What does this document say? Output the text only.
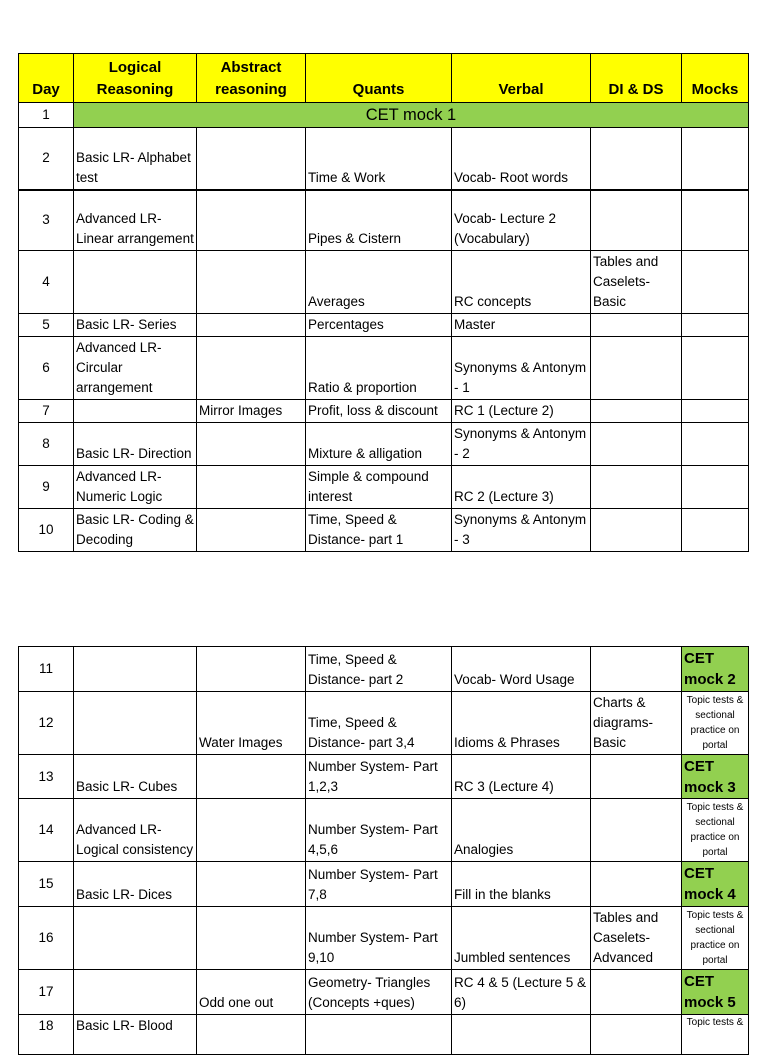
Day	Logical Reasoning	Abstract reasoning	Quants	Verbal	DI & DS	Mocks
1	CET mock 1					
2	Basic LR- Alphabet test		Time & Work	Vocab- Root words		
3	Advanced LR- Linear arrangement		Pipes & Cistern	Vocab- Lecture 2 (Vocabulary)		
4			Averages	RC concepts	Tables and Caselets- Basic	
5	Basic LR- Series		Percentages	Master		
6	Advanced LR- Circular arrangement		Ratio & proportion	Synonyms & Antonym - 1		
7		Mirror Images	Profit, loss & discount	RC 1 (Lecture 2)		
8	Basic LR- Direction		Mixture & alligation	Synonyms & Antonym - 2		
9	Advanced LR- Numeric Logic		Simple & compound interest	RC 2 (Lecture 3)		
10	Basic LR- Coding & Decoding		Time, Speed & Distance- part 1	Synonyms & Antonym - 3		
11			Time, Speed & Distance- part 2	Vocab- Word Usage		CET mock 2
12		Water Images	Time, Speed & Distance- part 3,4	Idioms & Phrases	Charts & diagrams- Basic	Topic tests & sectional practice on portal
13	Basic LR- Cubes		Number System- Part 1,2,3	RC 3 (Lecture 4)		CET mock 3
14	Advanced LR- Logical consistency		Number System- Part 4,5,6	Analogies		Topic tests & sectional practice on portal
15	Basic LR- Dices		Number System- Part 7,8	Fill in the blanks		CET mock 4
16			Number System- Part 9,10	Jumbled sentences	Tables and Caselets- Advanced	Topic tests & sectional practice on portal
17		Odd one out	Geometry- Triangles (Concepts +ques)	RC 4 & 5 (Lecture 5 & 6)		CET mock 5
18	Basic LR- Blood					Topic tests &
